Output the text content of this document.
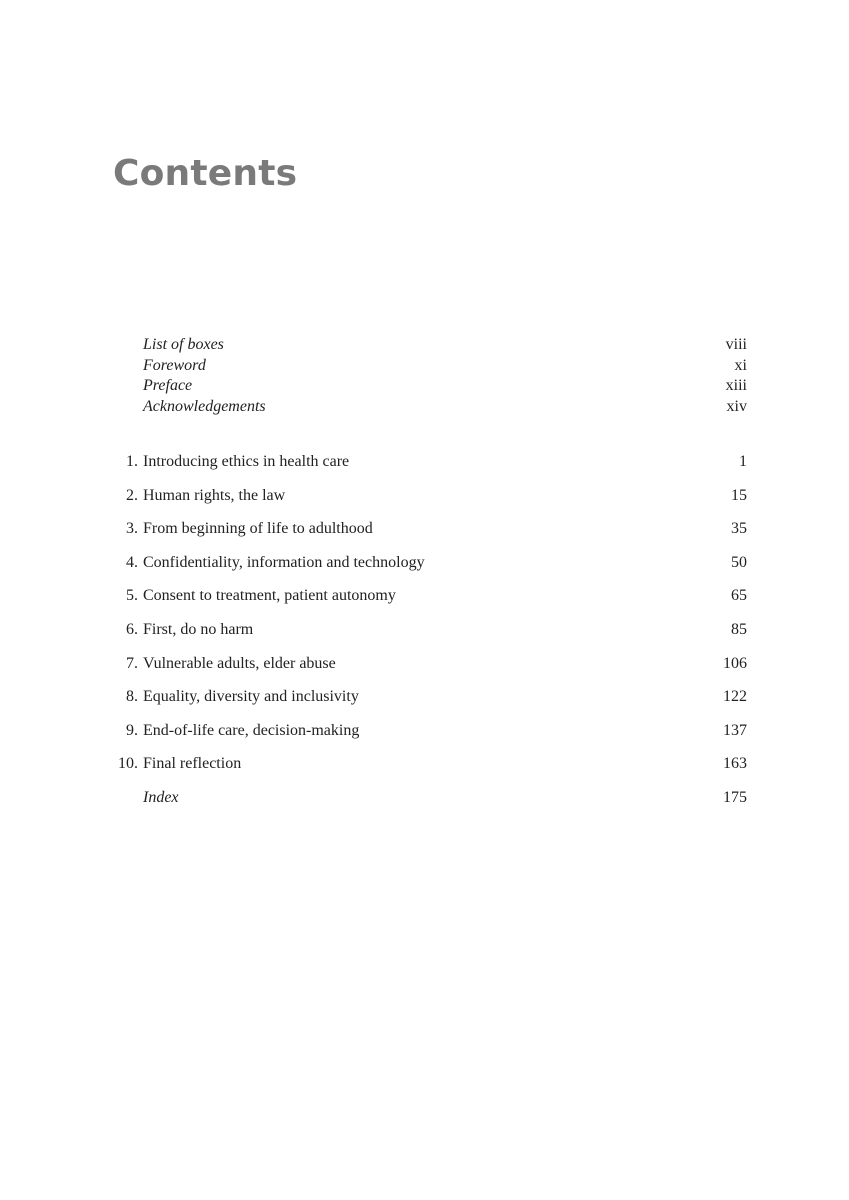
Contents
List of boxes	viii
Foreword	xi
Preface	xiii
Acknowledgements	xiv
1. Introducing ethics in health care	1
2. Human rights, the law	15
3. From beginning of life to adulthood	35
4. Confidentiality, information and technology	50
5. Consent to treatment, patient autonomy	65
6. First, do no harm	85
7. Vulnerable adults, elder abuse	106
8. Equality, diversity and inclusivity	122
9. End-of-life care, decision-making	137
10. Final reflection	163
Index	175
